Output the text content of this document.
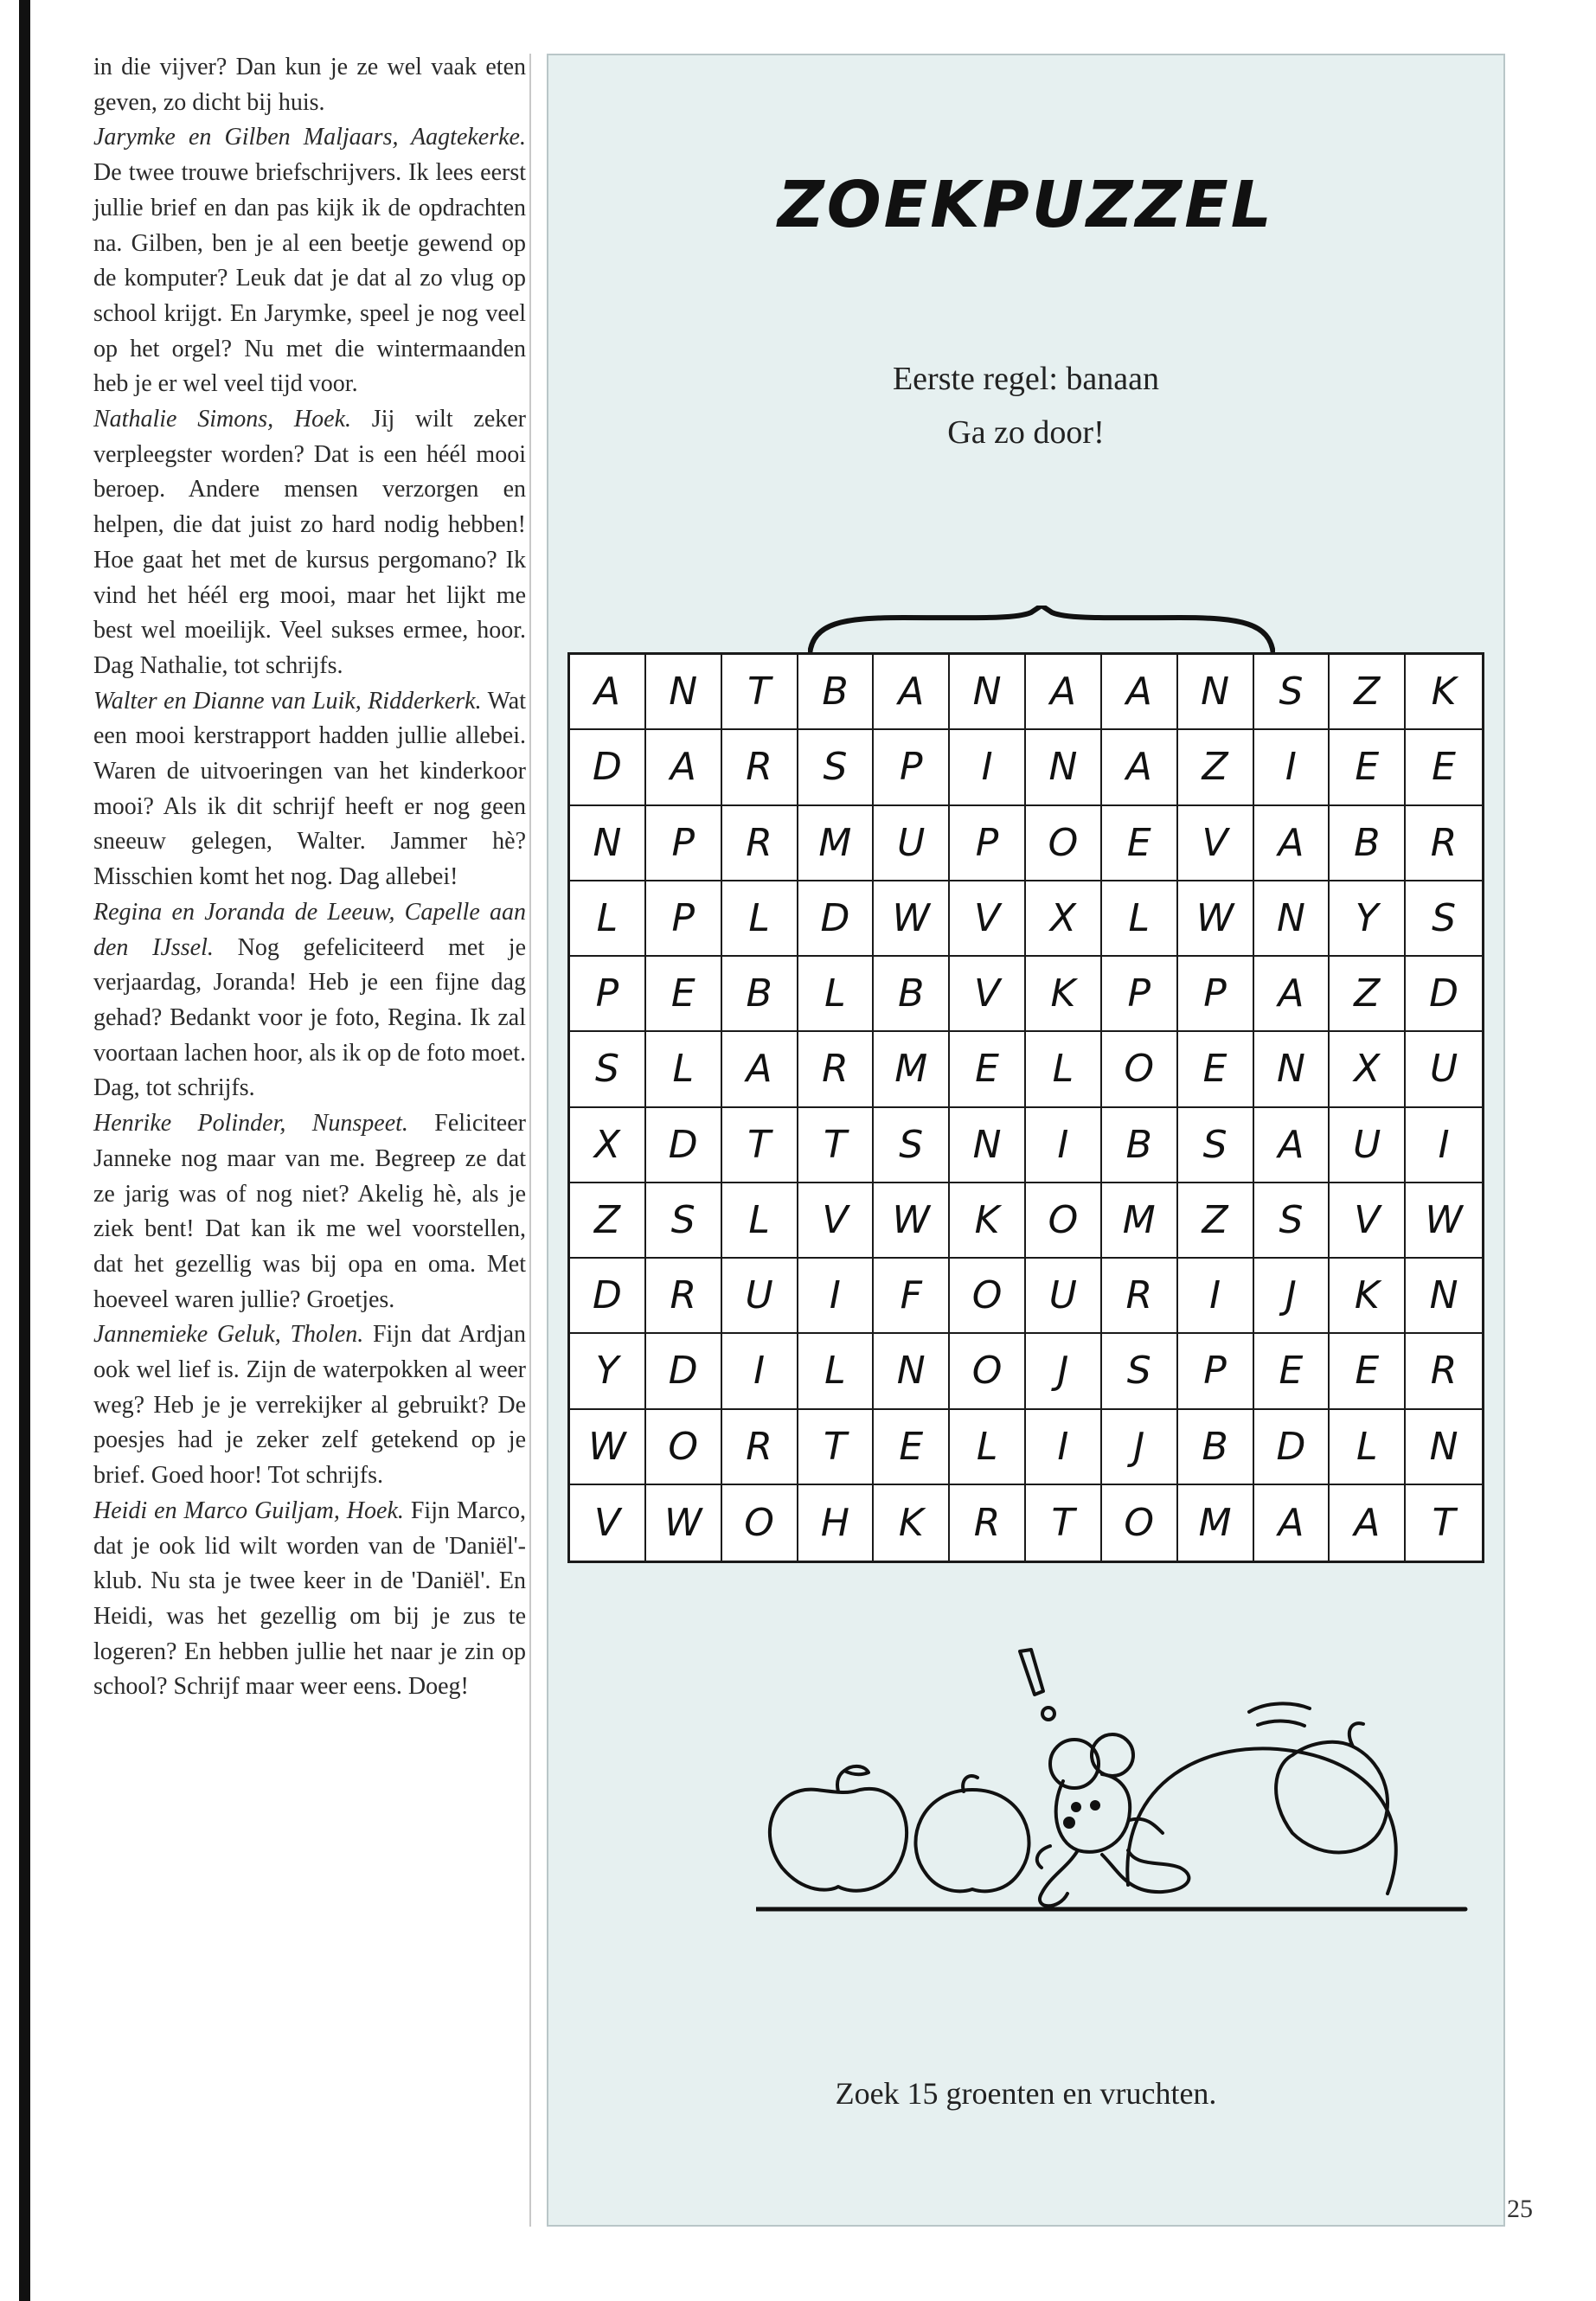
in die vijver? Dan kun je ze wel vaak eten geven, zo dicht bij huis.

Jarymke en Gilben Maljaars, Aagtekerke. De twee trouwe briefschrijvers. Ik lees eerst jullie brief en dan pas kijk ik de opdrachten na. Gilben, ben je al een beetje gewend op de komputer? Leuk dat je dat al zo vlug op school krijgt. En Jarymke, speel je nog veel op het orgel? Nu met die wintermaanden heb je er wel veel tijd voor.

Nathalie Simons, Hoek. Jij wilt zeker verpleegster worden? Dat is een héél mooi beroep. Andere mensen verzorgen en helpen, die dat juist zo hard nodig hebben! Hoe gaat het met de kursus pergomano? Ik vind het héél erg mooi, maar het lijkt me best wel moeilijk. Veel sukses ermee, hoor. Dag Nathalie, tot schrijfs.

Walter en Dianne van Luik, Ridderkerk. Wat een mooi kerstrapport hadden jullie allebei. Waren de uitvoeringen van het kinderkoor mooi? Als ik dit schrijf heeft er nog geen sneeuw gelegen, Walter. Jammer hè? Misschien komt het nog. Dag allebei!

Regina en Joranda de Leeuw, Capelle aan den IJssel. Nog gefeliciteerd met je verjaardag, Joranda! Heb je een fijne dag gehad? Bedankt voor je foto, Regina. Ik zal voortaan lachen hoor, als ik op de foto moet. Dag, tot schrijfs.

Henrike Polinder, Nunspeet. Feliciteer Janneke nog maar van me. Begreep ze dat ze jarig was of nog niet? Akelig hè, als je ziek bent! Dat kan ik me wel voorstellen, dat het gezellig was bij opa en oma. Met hoeveel waren jullie? Groetjes.

Jannemieke Geluk, Tholen. Fijn dat Ardjan ook wel lief is. Zijn de waterpokken al weer weg? Heb je je verrekijker al gebruikt? De poesjes had je zeker zelf getekend op je brief. Goed hoor! Tot schrijfs.

Heidi en Marco Guiljam, Hoek. Fijn Marco, dat je ook lid wilt worden van de 'Daniël'-klub. Nu sta je twee keer in de 'Daniël'. En Heidi, was het gezellig om bij je zus te logeren? En hebben jullie het naar je zin op school? Schrijf maar weer eens. Doeg!

ZOEKPUZZEL
Eerste regel: banaan
Ga zo door!
A	N	T	B	A	N	A	A	N	S	Z	K
D	A	R	S	P	I	N	A	Z	I	E	E
N	P	R	M	U	P	O	E	V	A	B	R
L	P	L	D	W	V	X	L	W	N	Y	S
P	E	B	L	B	V	K	P	P	A	Z	D
S	L	A	R	M	E	L	O	E	N	X	U
X	D	T	T	S	N	I	B	S	A	U	I
Z	S	L	V	W	K	O	M	Z	S	V	W
D	R	U	I	F	O	U	R	I	J	K	N
Y	D	I	L	N	O	J	S	P	E	E	R
W	O	R	T	E	L	I	J	B	D	L	N
V	W	O	H	K	R	T	O	M	A	A	T
Zoek 15 groenten en vruchten.
25
